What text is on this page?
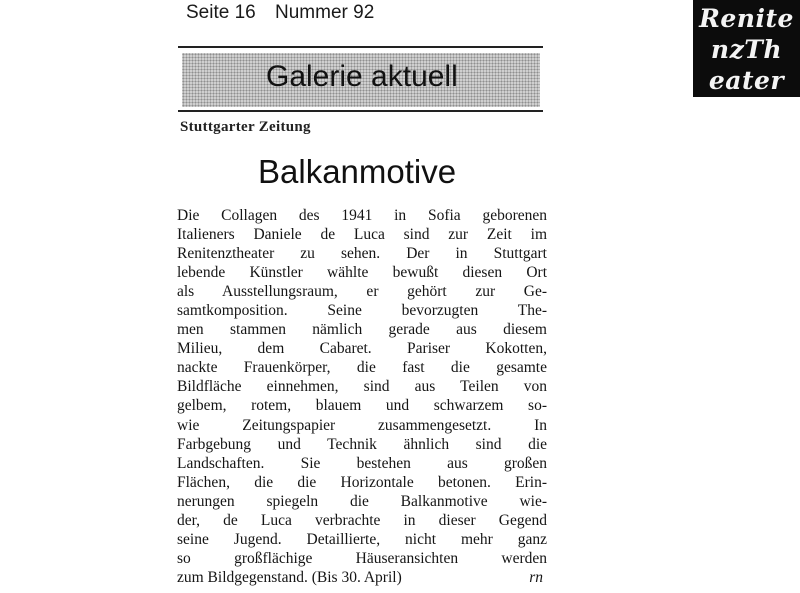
Seite 16 Nummer 92
Galerie aktuell
Stuttgarter Zeitung
Balkanmotive
Die Collagen des 1941 in Sofia geborenen
Italieners Daniele de Luca sind zur Zeit im
Renitenztheater zu sehen. Der in Stuttgart
lebende Künstler wählte bewußt diesen Ort
als Ausstellungsraum, er gehört zur Ge-
samtkomposition. Seine bevorzugten The-
men stammen nämlich gerade aus diesem
Milieu, dem Cabaret. Pariser Kokotten,
nackte Frauenkörper, die fast die gesamte
Bildfläche einnehmen, sind aus Teilen von
gelbem, rotem, blauem und schwarzem so-
wie Zeitungspapier zusammengesetzt. In
Farbgebung und Technik ähnlich sind die
Landschaften. Sie bestehen aus großen
Flächen, die die Horizontale betonen. Erin-
nerungen spiegeln die Balkanmotive wie-
der, de Luca verbrachte in dieser Gegend
seine Jugend. Detaillierte, nicht mehr ganz
so großflächige Häuseransichten werden
zum Bildgegenstand. (Bis 30. April)	rn
Renite
nzTh
eater
